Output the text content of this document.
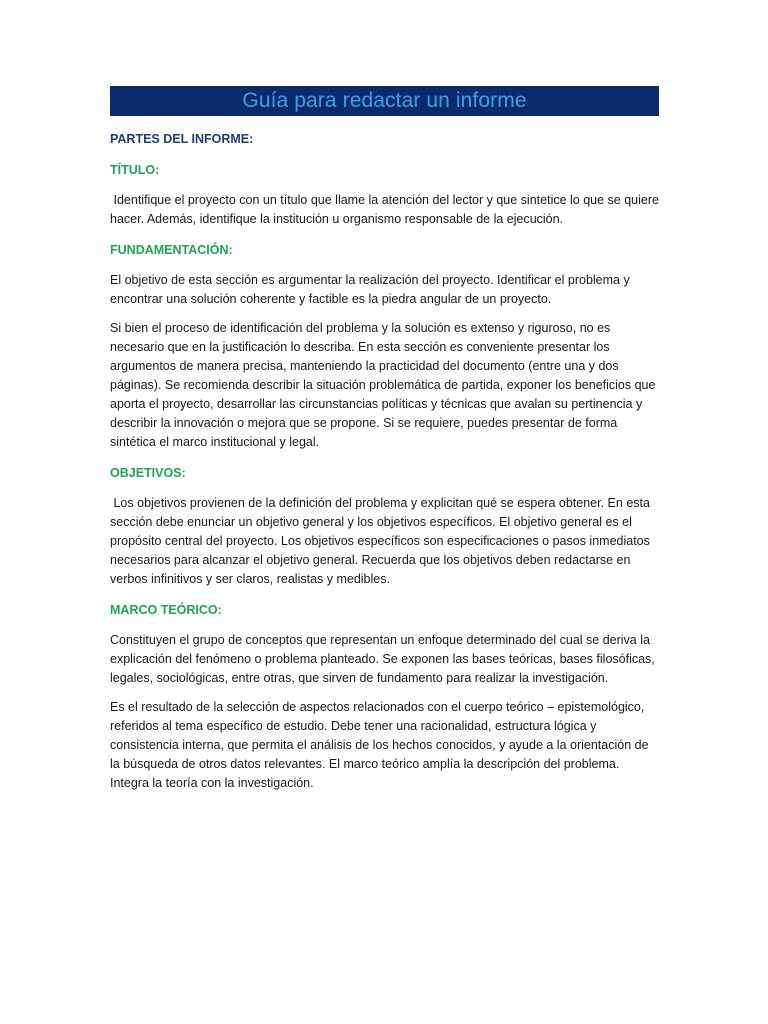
Guía para redactar un informe

PARTES DEL INFORME:

TÍTULO:

Identifique el proyecto con un título que llame la atención del lector y que sintetice lo que se quiere hacer. Además, identifique la institución u organismo responsable de la ejecución.

FUNDAMENTACIÓN:

El objetivo de esta sección es argumentar la realización del proyecto. Identificar el problema y encontrar una solución coherente y factible es la piedra angular de un proyecto.

Si bien el proceso de identificación del problema y la solución es extenso y riguroso, no es necesario que en la justificación lo describa. En esta sección es conveniente presentar los argumentos de manera precisa, manteniendo la practicidad del documento (entre una y dos páginas). Se recomienda describir la situación problemática de partida, exponer los beneficios que aporta el proyecto, desarrollar las circunstancias políticas y técnicas que avalan su pertinencia y describir la innovación o mejora que se propone. Si se requiere, puedes presentar de forma sintética el marco institucional y legal.

OBJETIVOS:

Los objetivos provienen de la definición del problema y explicitan qué se espera obtener. En esta sección debe enunciar un objetivo general y los objetivos específicos. El objetivo general es el propósito central del proyecto. Los objetivos específicos son especificaciones o pasos inmediatos necesarios para alcanzar el objetivo general. Recuerda que los objetivos deben redactarse en verbos infinitivos y ser claros, realistas y medibles.

MARCO TEÓRICO:

Constituyen el grupo de conceptos que representan un enfoque determinado del cual se deriva la explicación del fenómeno o problema planteado. Se exponen las bases teóricas, bases filosóficas, legales, sociológicas, entre otras, que sirven de fundamento para realizar la investigación.

Es el resultado de la selección de aspectos relacionados con el cuerpo teórico – epistemológico, referidos al tema específico de estudio. Debe tener una racionalidad, estructura lógica y consistencia interna, que permita el análisis de los hechos conocidos, y ayude a la orientación de la búsqueda de otros datos relevantes. El marco teórico amplía la descripción del problema. Integra la teoría con la investigación.
